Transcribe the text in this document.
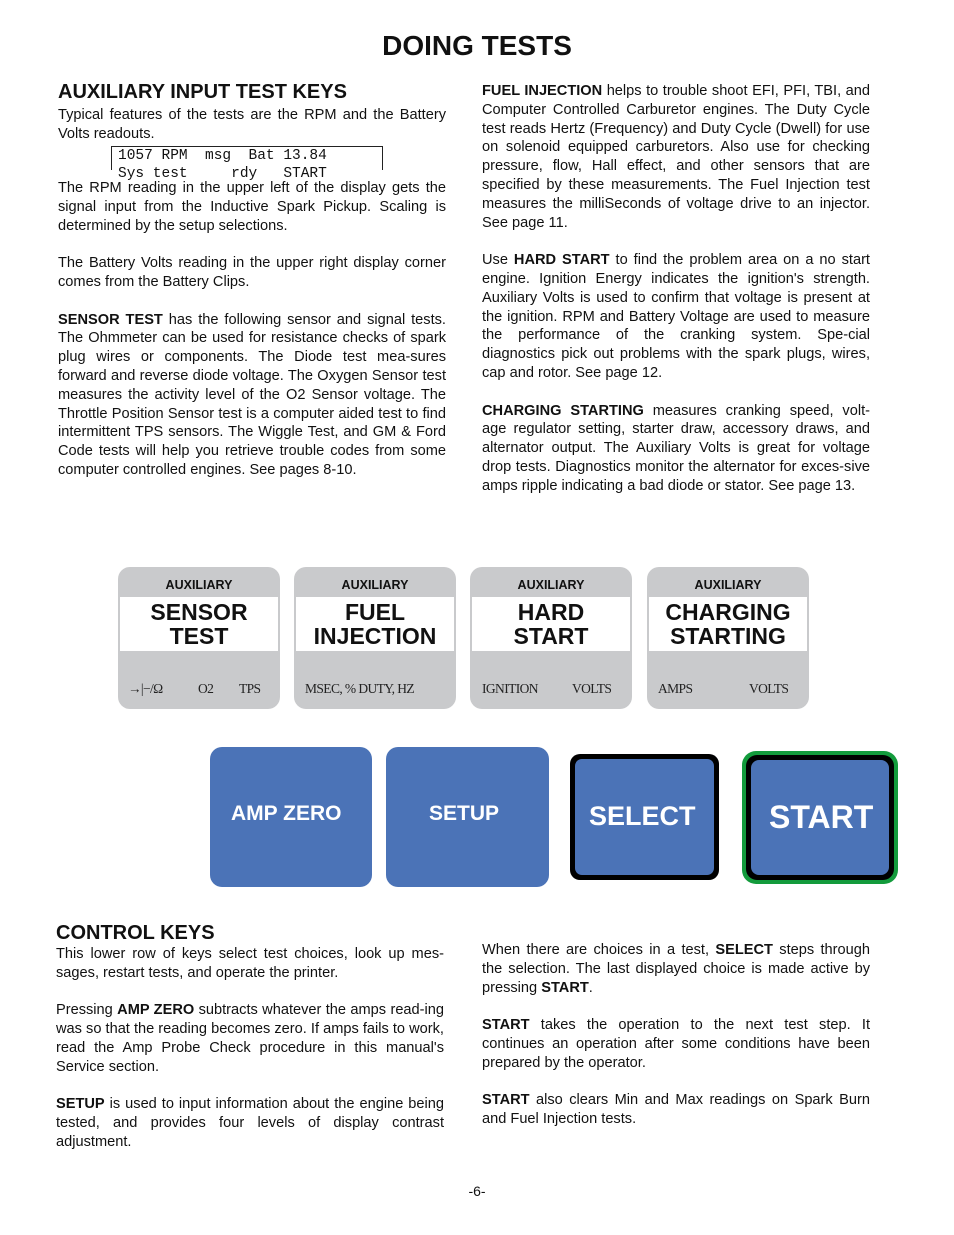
DOING TESTS
AUXILIARY INPUT TEST KEYS
Typical features of the tests are the RPM and the Battery Volts readouts.
1057 RPM  msg  Bat 13.84
Sys test     rdy   START
The RPM reading in the upper left of the display gets the signal input from the Inductive Spark Pickup. Scaling is determined by the setup selections.
The Battery Volts reading in the upper right display corner comes from the Battery Clips.
SENSOR TEST has the following sensor and signal tests. The Ohmmeter can be used for resistance checks of spark plug wires or components. The Diode test mea-sures forward and reverse diode voltage. The Oxygen Sensor test measures the activity level of the O2 Sensor voltage. The Throttle Position Sensor test is a computer aided test to find intermittent TPS sensors. The Wiggle Test, and GM & Ford Code tests will help you retrieve trouble codes from some computer controlled engines. See pages 8-10.
FUEL INJECTION helps to trouble shoot EFI, PFI, TBI, and Computer Controlled Carburetor engines. The Duty Cycle test reads Hertz (Frequency) and Duty Cycle (Dwell) for use on solenoid equipped carburetors. Also use for checking pressure, flow, Hall effect, and other sensors that are specified by these measurements. The Fuel Injection test measures the milliSeconds of voltage drive to an injector. See page 11.
Use HARD START to find the problem area on a no start engine. Ignition Energy indicates the ignition's strength. Auxiliary Volts is used to confirm that voltage is present at the ignition. RPM and Battery Voltage are used to measure the performance of the cranking system. Spe-cial diagnostics pick out problems with the spark plugs, wires, cap and rotor. See page 12.
CHARGING STARTING measures cranking speed, volt-age regulator setting, starter draw, accessory draws, and alternator output. The Auxiliary Volts is great for voltage drop tests. Diagnostics monitor the alternator for exces-sive amps ripple indicating a bad diode or stator. See page 13.
AUXILIARY
SENSOR
TEST
→|−/Ω	O2 TPS
AUXILIARY
FUEL
INJECTION
MSEC, % DUTY, HZ
AUXILIARY
HARD
START
IGNITION	VOLTS
AUXILIARY
CHARGING
STARTING
AMPS	VOLTS
AMP ZERO	SETUP	SELECT START
CONTROL KEYS
This lower row of keys select test choices, look up mes-sages, restart tests, and operate the printer.
Pressing AMP ZERO subtracts whatever the amps read-ing was so that the reading becomes zero. If amps fails to work, read the Amp Probe Check procedure in this manual's Service section.
SETUP is used to input information about the engine being tested, and provides four levels of display contrast adjustment.
When there are choices in a test, SELECT steps through the selection. The last displayed choice is made active by pressing START.
START takes the operation to the next test step. It continues an operation after some conditions have been prepared by the operator.
START also clears Min and Max readings on Spark Burn and Fuel Injection tests.
-6-
